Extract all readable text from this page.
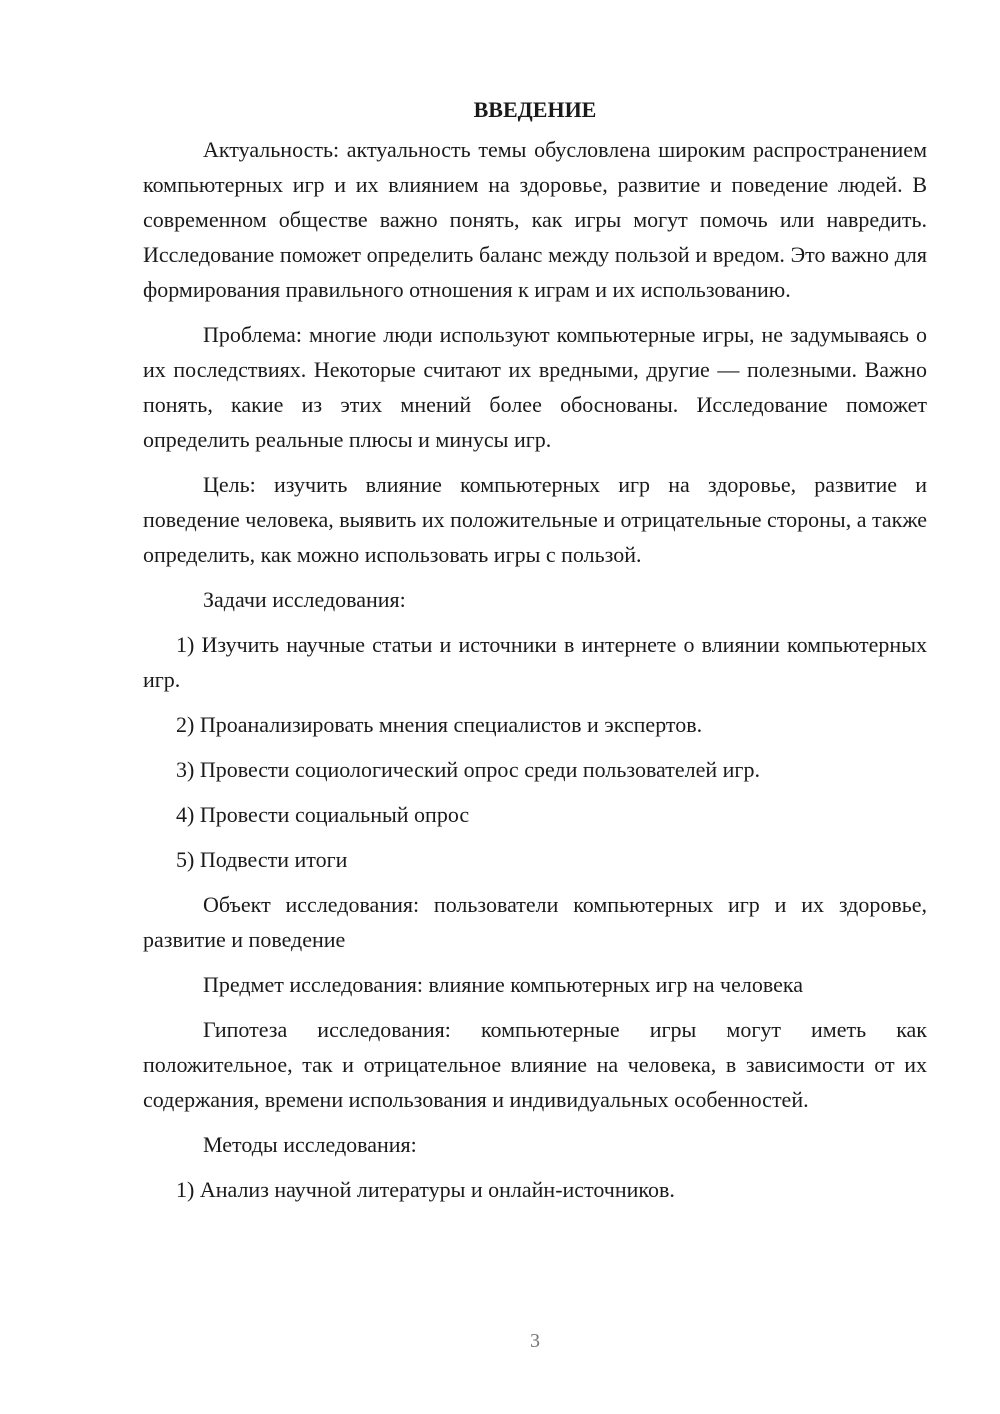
ВВЕДЕНИЕ

Актуальность: актуальность темы обусловлена широким распространением компьютерных игр и их влиянием на здоровье, развитие и поведение людей. В современном обществе важно понять, как игры могут помочь или навредить. Исследование поможет определить баланс между пользой и вредом. Это важно для формирования правильного отношения к играм и их использованию.

Проблема: многие люди используют компьютерные игры, не задумываясь о их последствиях. Некоторые считают их вредными, другие — полезными. Важно понять, какие из этих мнений более обоснованы. Исследование поможет определить реальные плюсы и минусы игр.

Цель: изучить влияние компьютерных игр на здоровье, развитие и поведение человека, выявить их положительные и отрицательные стороны, а также определить, как можно использовать игры с пользой.

Задачи исследования:

1) Изучить научные статьи и источники в интернете о влиянии компьютерных игр.

2) Проанализировать мнения специалистов и экспертов.

3) Провести социологический опрос среди пользователей игр.

4) Провести социальный опрос

5) Подвести итоги

Объект исследования: пользователи компьютерных игр и их здоровье, развитие и поведение

Предмет исследования: влияние компьютерных игр на человека

Гипотеза исследования: компьютерные игры могут иметь как положительное, так и отрицательное влияние на человека, в зависимости от их содержания, времени использования и индивидуальных особенностей.

Методы исследования:

1) Анализ научной литературы и онлайн-источников.

3
